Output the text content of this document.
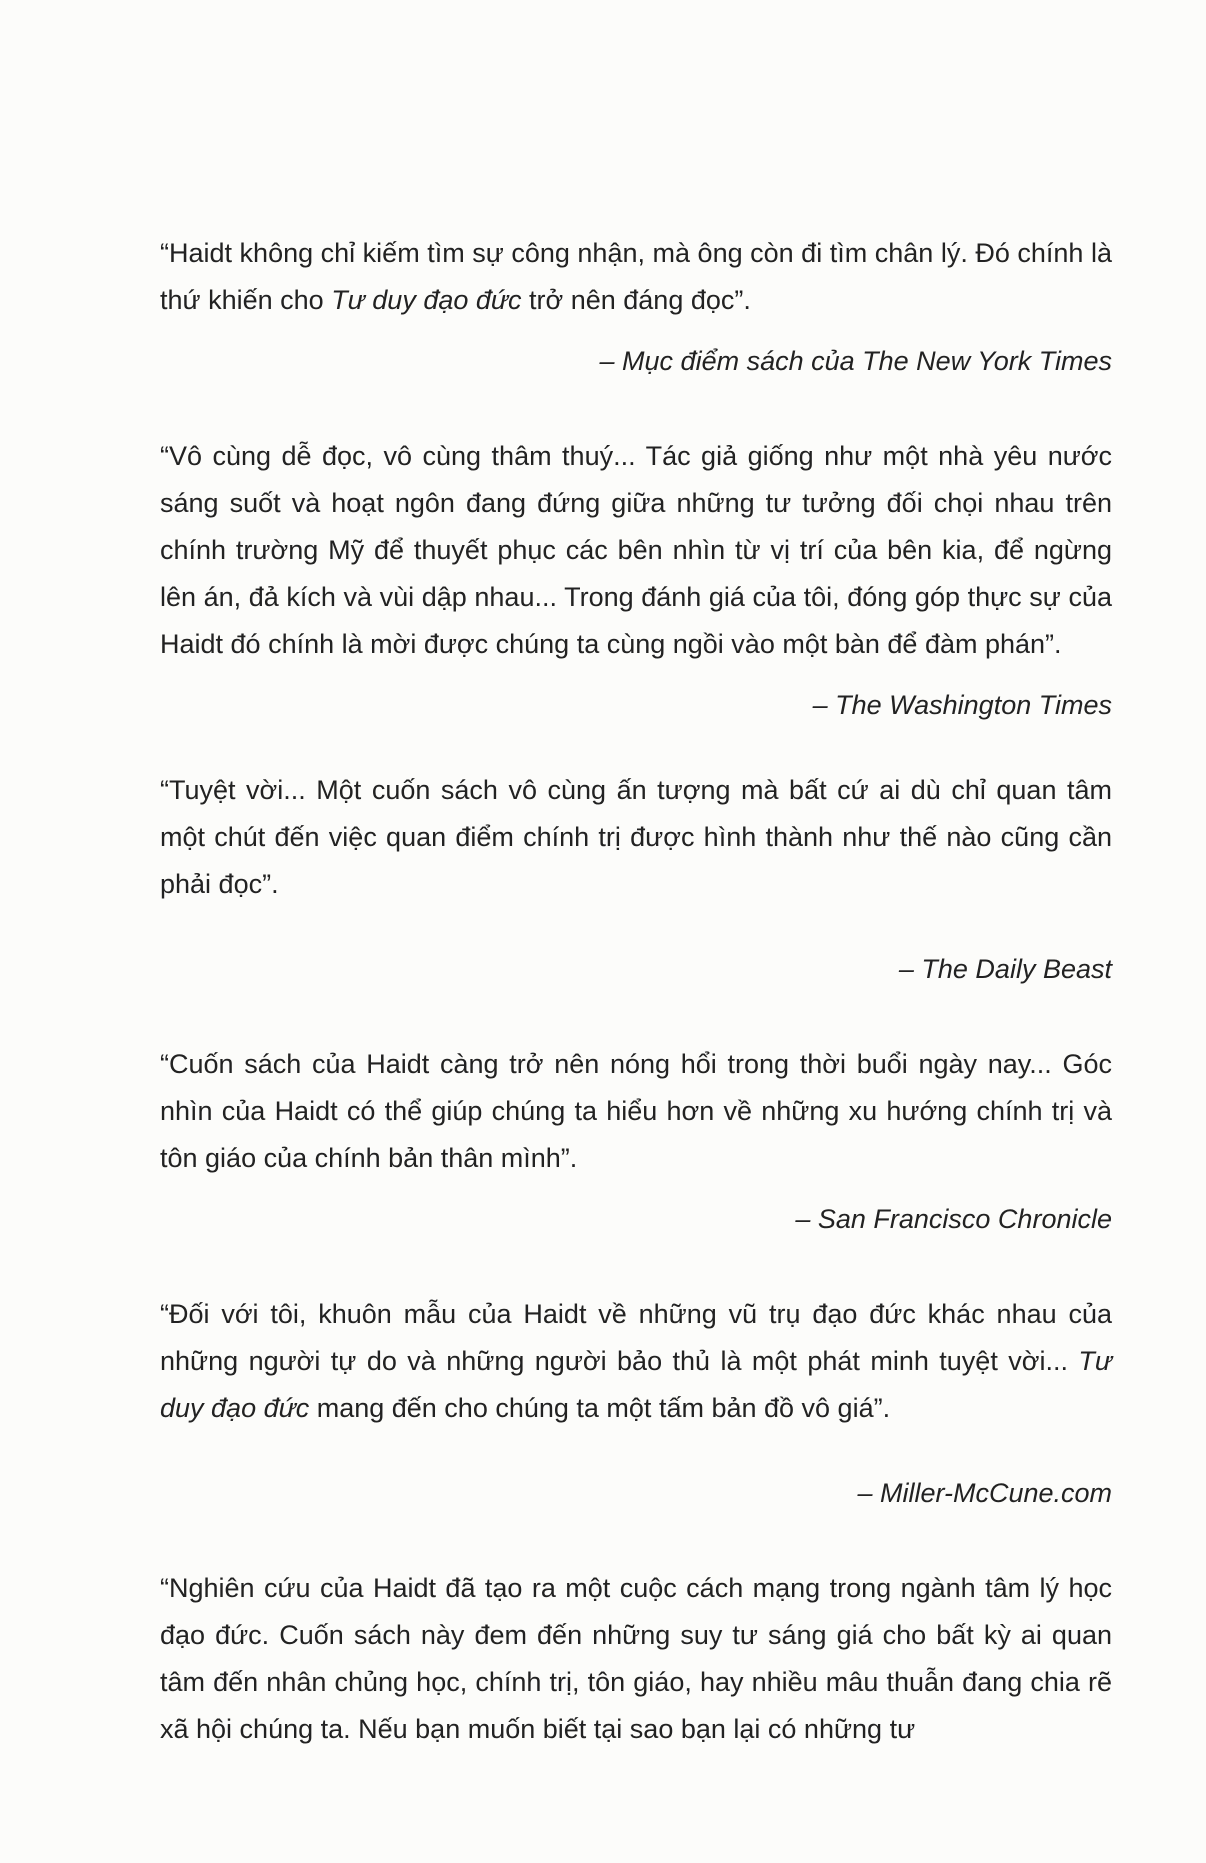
“Haidt không chỉ kiếm tìm sự công nhận, mà ông còn đi tìm chân lý. Đó chính là thứ khiến cho Tư duy đạo đức trở nên đáng đọc”.

– Mục điểm sách của The New York Times

“Vô cùng dễ đọc, vô cùng thâm thuý... Tác giả giống như một nhà yêu nước sáng suốt và hoạt ngôn đang đứng giữa những tư tưởng đối chọi nhau trên chính trường Mỹ để thuyết phục các bên nhìn từ vị trí của bên kia, để ngừng lên án, đả kích và vùi dập nhau... Trong đánh giá của tôi, đóng góp thực sự của Haidt đó chính là mời được chúng ta cùng ngồi vào một bàn để đàm phán”.

– The Washington Times

“Tuyệt vời... Một cuốn sách vô cùng ấn tượng mà bất cứ ai dù chỉ quan tâm một chút đến việc quan điểm chính trị được hình thành như thế nào cũng cần phải đọc”.

– The Daily Beast

“Cuốn sách của Haidt càng trở nên nóng hổi trong thời buổi ngày nay... Góc nhìn của Haidt có thể giúp chúng ta hiểu hơn về những xu hướng chính trị và tôn giáo của chính bản thân mình”.

– San Francisco Chronicle

“Đối với tôi, khuôn mẫu của Haidt về những vũ trụ đạo đức khác nhau của những người tự do và những người bảo thủ là một phát minh tuyệt vời... Tư duy đạo đức mang đến cho chúng ta một tấm bản đồ vô giá”.

– Miller-McCune.com

“Nghiên cứu của Haidt đã tạo ra một cuộc cách mạng trong ngành tâm lý học đạo đức. Cuốn sách này đem đến những suy tư sáng giá cho bất kỳ ai quan tâm đến nhân chủng học, chính trị, tôn giáo, hay nhiều mâu thuẫn đang chia rẽ xã hội chúng ta. Nếu bạn muốn biết tại sao bạn lại có những tư
